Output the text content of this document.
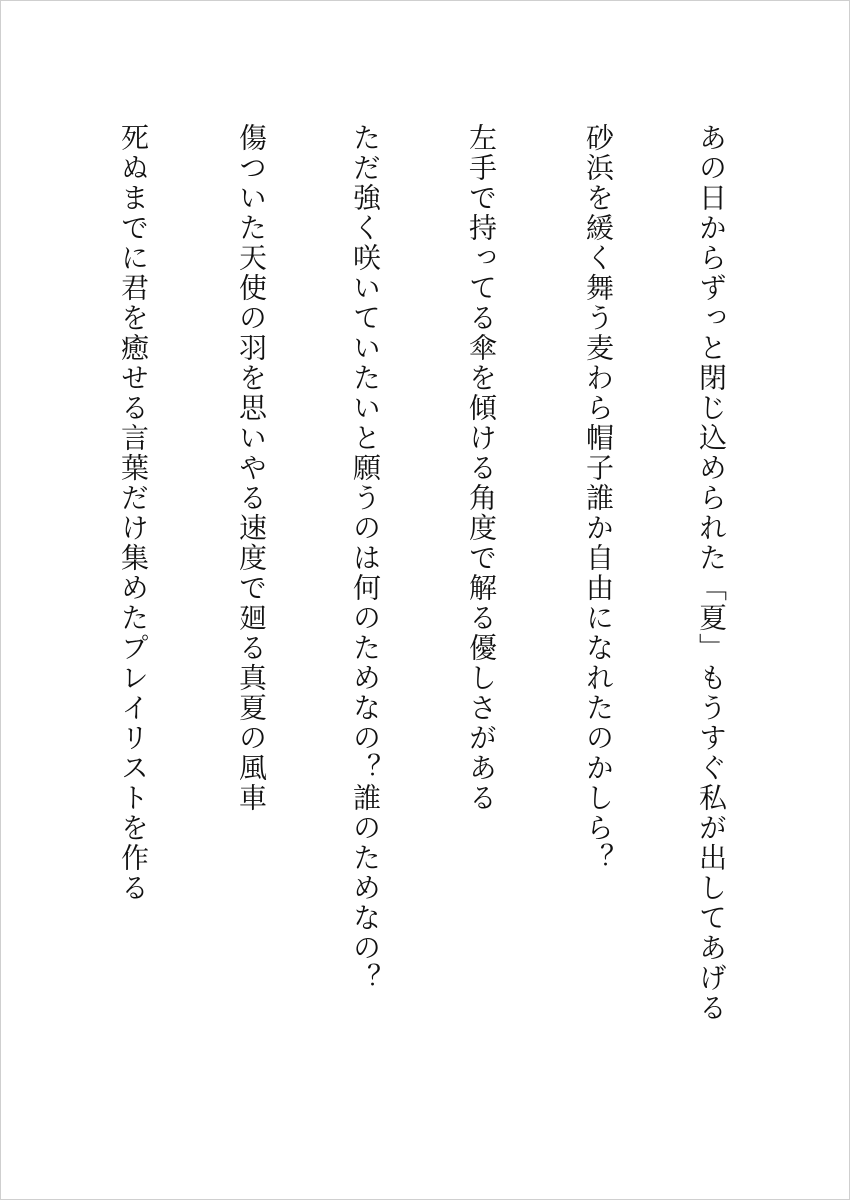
あの日からずっと閉じ込められた「夏」もうすぐ私が出してあげる
砂浜を緩く舞う麦わら帽子誰か自由になれたのかしら？
左手で持ってる傘を傾ける角度で解る優しさがある
ただ強く咲いていたいと願うのは何のためなの？誰のためなの？
傷ついた天使の羽を思いやる速度で廻る真夏の風車
死ぬまでに君を癒せる言葉だけ集めたプレイリストを作る
